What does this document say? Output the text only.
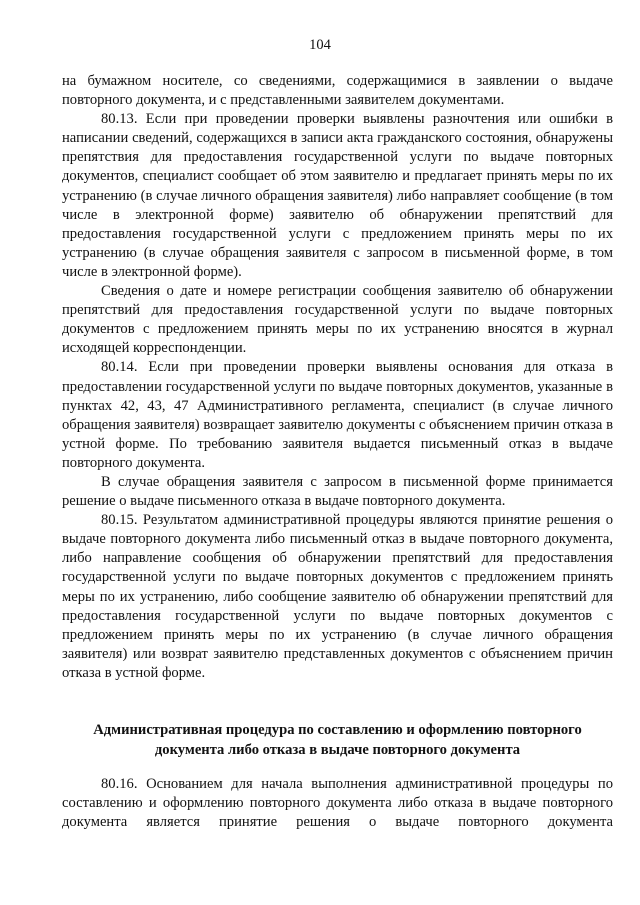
104

на бумажном носителе, со сведениями, содержащимися в заявлении о выдаче повторного документа, и с представленными заявителем документами.

80.13. Если при проведении проверки выявлены разночтения или ошибки в написании сведений, содержащихся в записи акта гражданского состояния, обнаружены препятствия для предоставления государственной услуги по выдаче повторных документов, специалист сообщает об этом заявителю и предлагает принять меры по их устранению (в случае личного обращения заявителя) либо направляет сообщение (в том числе в электронной форме) заявителю об обнаружении препятствий для предоставления государственной услуги с предложением принять меры по их устранению (в случае обращения заявителя с запросом в письменной форме, в том числе в электронной форме).

Сведения о дате и номере регистрации сообщения заявителю об обнаружении препятствий для предоставления государственной услуги по выдаче повторных документов с предложением принять меры по их устранению вносятся в журнал исходящей корреспонденции.

80.14. Если при проведении проверки выявлены основания для отказа в предоставлении государственной услуги по выдаче повторных документов, указанные в пунктах 42, 43, 47 Административного регламента, специалист (в случае личного обращения заявителя) возвращает заявителю документы с объяснением причин отказа в устной форме. По требованию заявителя выдается письменный отказ в выдаче повторного документа.

В случае обращения заявителя с запросом в письменной форме принимается решение о выдаче письменного отказа в выдаче повторного документа.

80.15. Результатом административной процедуры являются принятие решения о выдаче повторного документа либо письменный отказ в выдаче повторного документа, либо направление сообщения об обнаружении препятствий для предоставления государственной услуги по выдаче повторных документов с предложением принять меры по их устранению, либо сообщение заявителю об обнаружении препятствий для предоставления государственной услуги по выдаче повторных документов с предложением принять меры по их устранению (в случае личного обращения заявителя) или возврат заявителю представленных документов с объяснением причин отказа в устной форме.

Административная процедура по составлению и оформлению повторного документа либо отказа в выдаче повторного документа

80.16. Основанием для начала выполнения административной процедуры по составлению и оформлению повторного документа либо отказа в выдаче повторного документа является принятие решения о выдаче повторного документа
